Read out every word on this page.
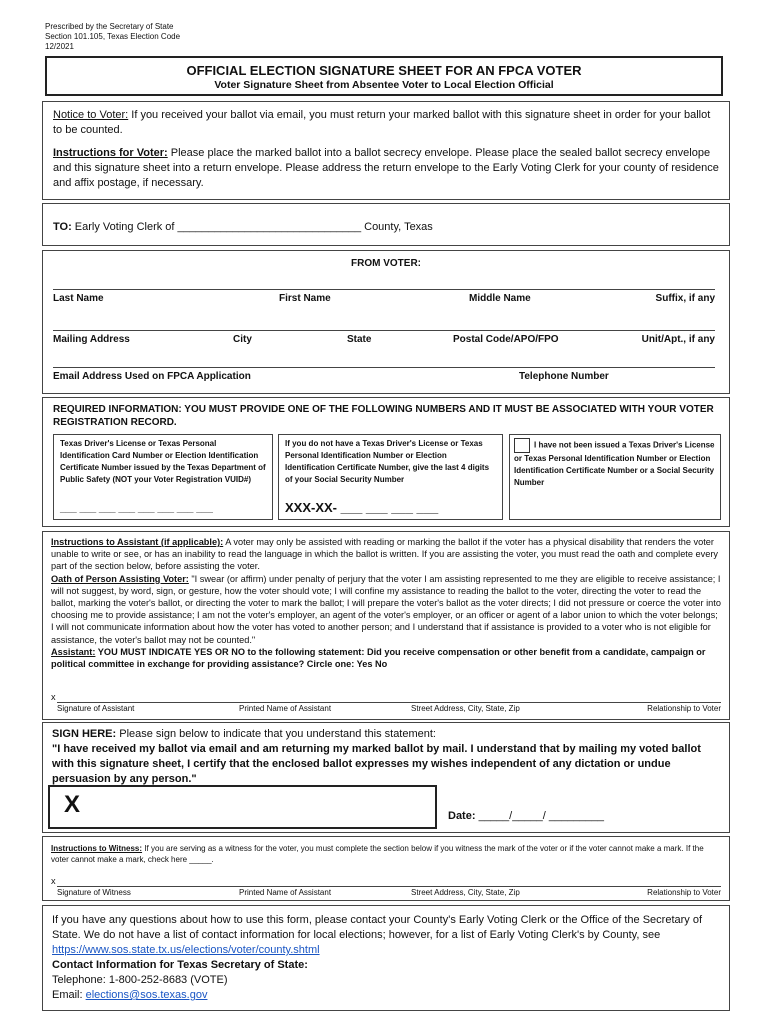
Prescribed by the Secretary of State
Section 101.105, Texas Election Code
12/2021
OFFICIAL ELECTION SIGNATURE SHEET FOR AN FPCA VOTER
Voter Signature Sheet from Absentee Voter to Local Election Official
Notice to Voter: If you received your ballot via email, you must return your marked ballot with this signature sheet in order for your ballot to be counted.
Instructions for Voter: Please place the marked ballot into a ballot secrecy envelope. Please place the sealed ballot secrecy envelope and this signature sheet into a return envelope. Please address the return envelope to the Early Voting Clerk for your county of residence and affix postage, if necessary.
TO: Early Voting Clerk of ______________________________ County, Texas
FROM VOTER:
Last Name	First Name	Middle Name	Suffix, if any
Mailing Address	City	State	Postal Code/APO/FPO	Unit/Apt., if any
Email Address Used on FPCA Application	Telephone Number
REQUIRED INFORMATION: YOU MUST PROVIDE ONE OF THE FOLLOWING NUMBERS AND IT MUST BE ASSOCIATED WITH YOUR VOTER REGISTRATION RECORD.
Texas Driver's License or Texas Personal Identification Card Number or Election Identification Certificate Number issued by the Texas Department of Public Safety (NOT your Voter Registration VUID#)
___ ___ ___ ___ ___ ___ ___ ___
If you do not have a Texas Driver's License or Texas Personal Identification Number or Election Identification Certificate Number, give the last 4 digits of your Social Security Number
XXX-XX- ___ ___ ___ ___
I have not been issued a Texas Driver's License or Texas Personal Identification Number or Election Identification Certificate Number or a Social Security Number
Instructions to Assistant (if applicable): A voter may only be assisted with reading or marking the ballot if the voter has a physical disability that renders the voter unable to write or see, or has an inability to read the language in which the ballot is written. If you are assisting the voter, you must read the oath and complete every part of the section below, before assisting the voter.
Oath of Person Assisting Voter: "I swear (or affirm) under penalty of perjury that the voter I am assisting represented to me they are eligible to receive assistance; I will not suggest, by word, sign, or gesture, how the voter should vote; I will confine my assistance to reading the ballot to the voter, directing the voter to read the ballot, marking the voter's ballot, or directing the voter to mark the ballot; I will prepare the voter's ballot as the voter directs; I did not pressure or coerce the voter into choosing me to provide assistance; I am not the voter's employer, an agent of the voter's employer, or an officer or agent of a labor union to which the voter belongs; I will not communicate information about how the voter has voted to another person; and I understand that if assistance is provided to a voter who is not eligible for assistance, the voter's ballot may not be counted."
Assistant: YOU MUST INDICATE YES OR NO to the following statement: Did you receive compensation or other benefit from a candidate, campaign or political committee in exchange for providing assistance? Circle one: Yes No
x
Signature of Assistant	Printed Name of Assistant	Street Address, City, State, Zip	Relationship to Voter
SIGN HERE: Please sign below to indicate that you understand this statement:
"I have received my ballot via email and am returning my marked ballot by mail. I understand that by mailing my voted ballot with this signature sheet, I certify that the enclosed ballot expresses my wishes independent of any dictation or undue persuasion by any person."
X	Date: _____/_____/ _________
Instructions to Witness: If you are serving as a witness for the voter, you must complete the section below if you witness the mark of the voter or if the voter cannot make a mark. If the voter cannot make a mark, check here _____.
x
Signature of Witness	Printed Name of Assistant	Street Address, City, State, Zip	Relationship to Voter
If you have any questions about how to use this form, please contact your County's Early Voting Clerk or the Office of the Secretary of State. We do not have a list of contact information for local elections; however, for a list of Early Voting Clerk's by County, see https://www.sos.state.tx.us/elections/voter/county.shtml
Contact Information for Texas Secretary of State:
Telephone: 1-800-252-8683 (VOTE)
Email: elections@sos.texas.gov
